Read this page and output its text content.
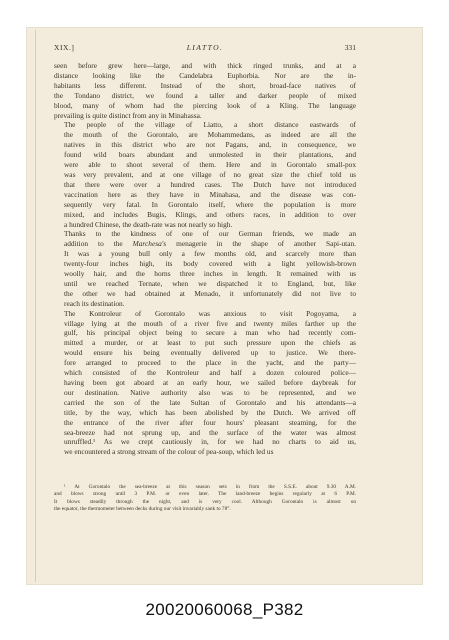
XIX.]	LIATTO.	331

seen before grew here—large, and with thick ringed trunks, and at a
distance looking like the Candelabra Euphorbia. Nor are the in-
habitants less different. Instead of the short, broad-face natives of
the Tondano district, we found a taller and darker people of mixed
blood, many of whom had the piercing look of a Kling. The language
prevailing is quite distinct from any in Minahassa.

The people of the village of Liatto, a short distance eastwards of
the mouth of the Gorontalo, are Mohammedans, as indeed are all the
natives in this district who are not Pagans, and, in consequence, we
found wild boars abundant and unmolested in their plantations, and
were able to shoot several of them. Here and in Gorontalo small-pox
was very prevalent, and at one village of no great size the chief told us
that there were over a hundred cases. The Dutch have not introduced
vaccination here as they have in Minahasa, and the disease was con-
sequently very fatal. In Gorontalo itself, where the population is more
mixed, and includes Bugis, Klings, and others races, in addition to over
a hundred Chinese, the death-rate was not nearly so high.

Thanks to the kindness of one of our German friends, we made an
addition to the Marchesa's menagerie in the shape of another Sapi-utan.
It was a young bull only a few months old, and scarcely more than
twenty-four inches high, its body covered with a light yellowish-brown
woolly hair, and the horns three inches in length. It remained with us
until we reached Ternate, when we dispatched it to England, but, like
the other we had obtained at Menado, it unfortunately did not live to
reach its destination.

The Kontroleur of Gorontalo was anxious to visit Pogoyama, a
village lying at the mouth of a river five and twenty miles farther up the
gulf, his principal object being to secure a man who had recently com-
mitted a murder, or at least to put such pressure upon the chiefs as
would ensure his being eventually delivered up to justice. We there-
fore arranged to proceed to the place in the yacht, and the party—
which consisted of the Kontroleur and half a dozen coloured police—
having been got aboard at an early hour, we sailed before daybreak for
our destination. Native authority also was to be represented, and we
carried the son of the late Sultan of Gorontalo and his attendants—a
title, by the way, which has been abolished by the Dutch. We arrived off
the entrance of the river after four hours' pleasant steaming, for the
sea-breeze had not sprung up, and the surface of the water was almost
unruffled.¹ As we crept cautiously in, for we had no charts to aid us,
we encountered a strong stream of the colour of pea-soup, which led us

¹ At Gorontalo the sea-breeze at this season sets in from the S.S.E. about 9.30 A.M.
and blows strong until 3 P.M. or even later. The land-breeze begins regularly at 6 P.M.
It blows steadily through the night, and is very cool. Although Gorontalo is almost on
the equator, the thermometer between decks during our visit invariably sank to 78°.
20020060068_P382
